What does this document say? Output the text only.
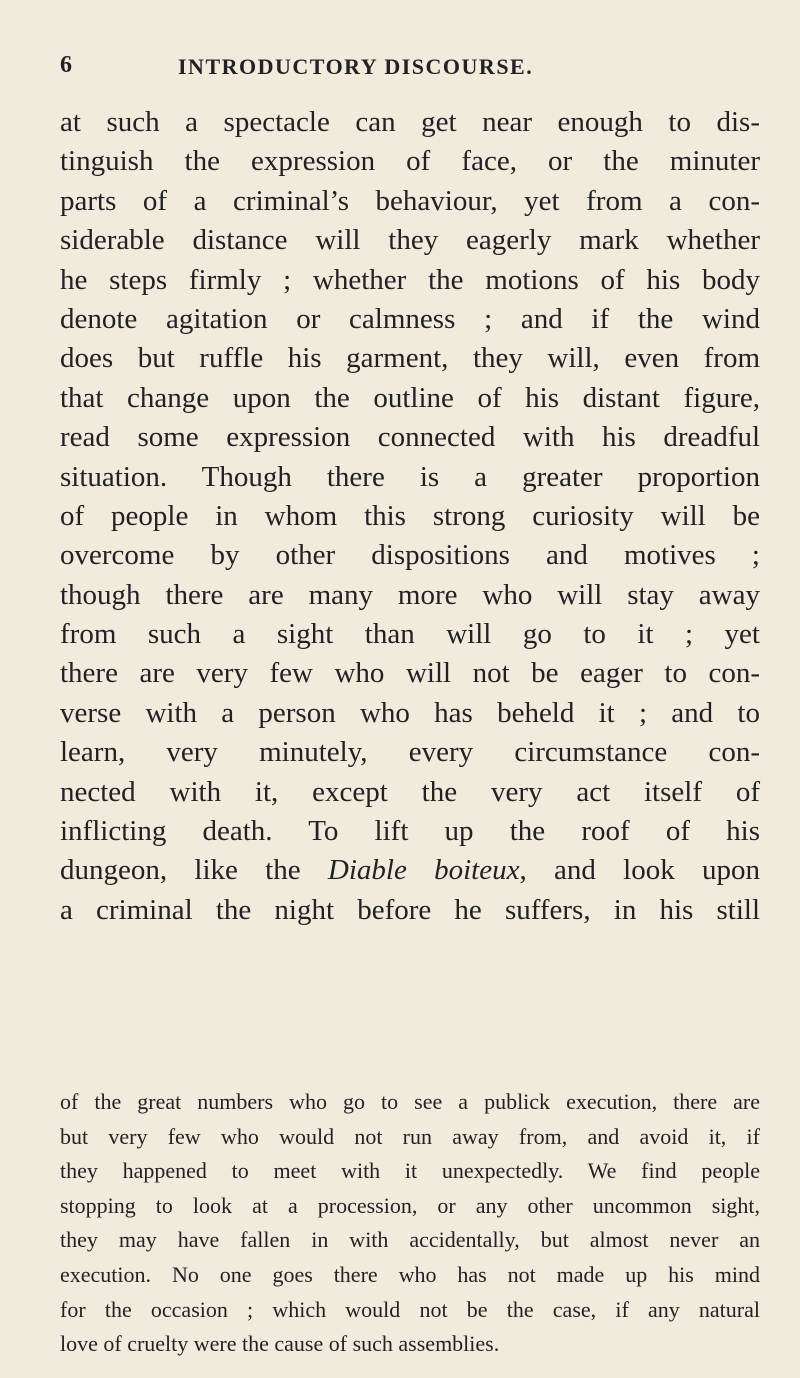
6	INTRODUCTORY DISCOURSE.
at such a spectacle can get near enough to dis-
tinguish the expression of face, or the minuter
parts of a criminal’s behaviour, yet from a con-
siderable distance will they eagerly mark whether
he steps firmly ; whether the motions of his body
denote agitation or calmness ; and if the wind
does but ruffle his garment, they will, even from
that change upon the outline of his distant figure,
read some expression connected with his dreadful
situation. Though there is a greater proportion
of people in whom this strong curiosity will be
overcome by other dispositions and motives ;
though there are many more who will stay away
from such a sight than will go to it ; yet
there are very few who will not be eager to con-
verse with a person who has beheld it ; and to
learn, very minutely, every circumstance con-
nected with it, except the very act itself of
inflicting death. To lift up the roof of his
dungeon, like the Diable boiteux, and look upon
a criminal the night before he suffers, in his still
of the great numbers who go to see a publick execution, there are
but very few who would not run away from, and avoid it, if
they happened to meet with it unexpectedly. We find people
stopping to look at a procession, or any other uncommon sight,
they may have fallen in with accidentally, but almost never an
execution. No one goes there who has not made up his mind
for the occasion ; which would not be the case, if any natural
love of cruelty were the cause of such assemblies.
